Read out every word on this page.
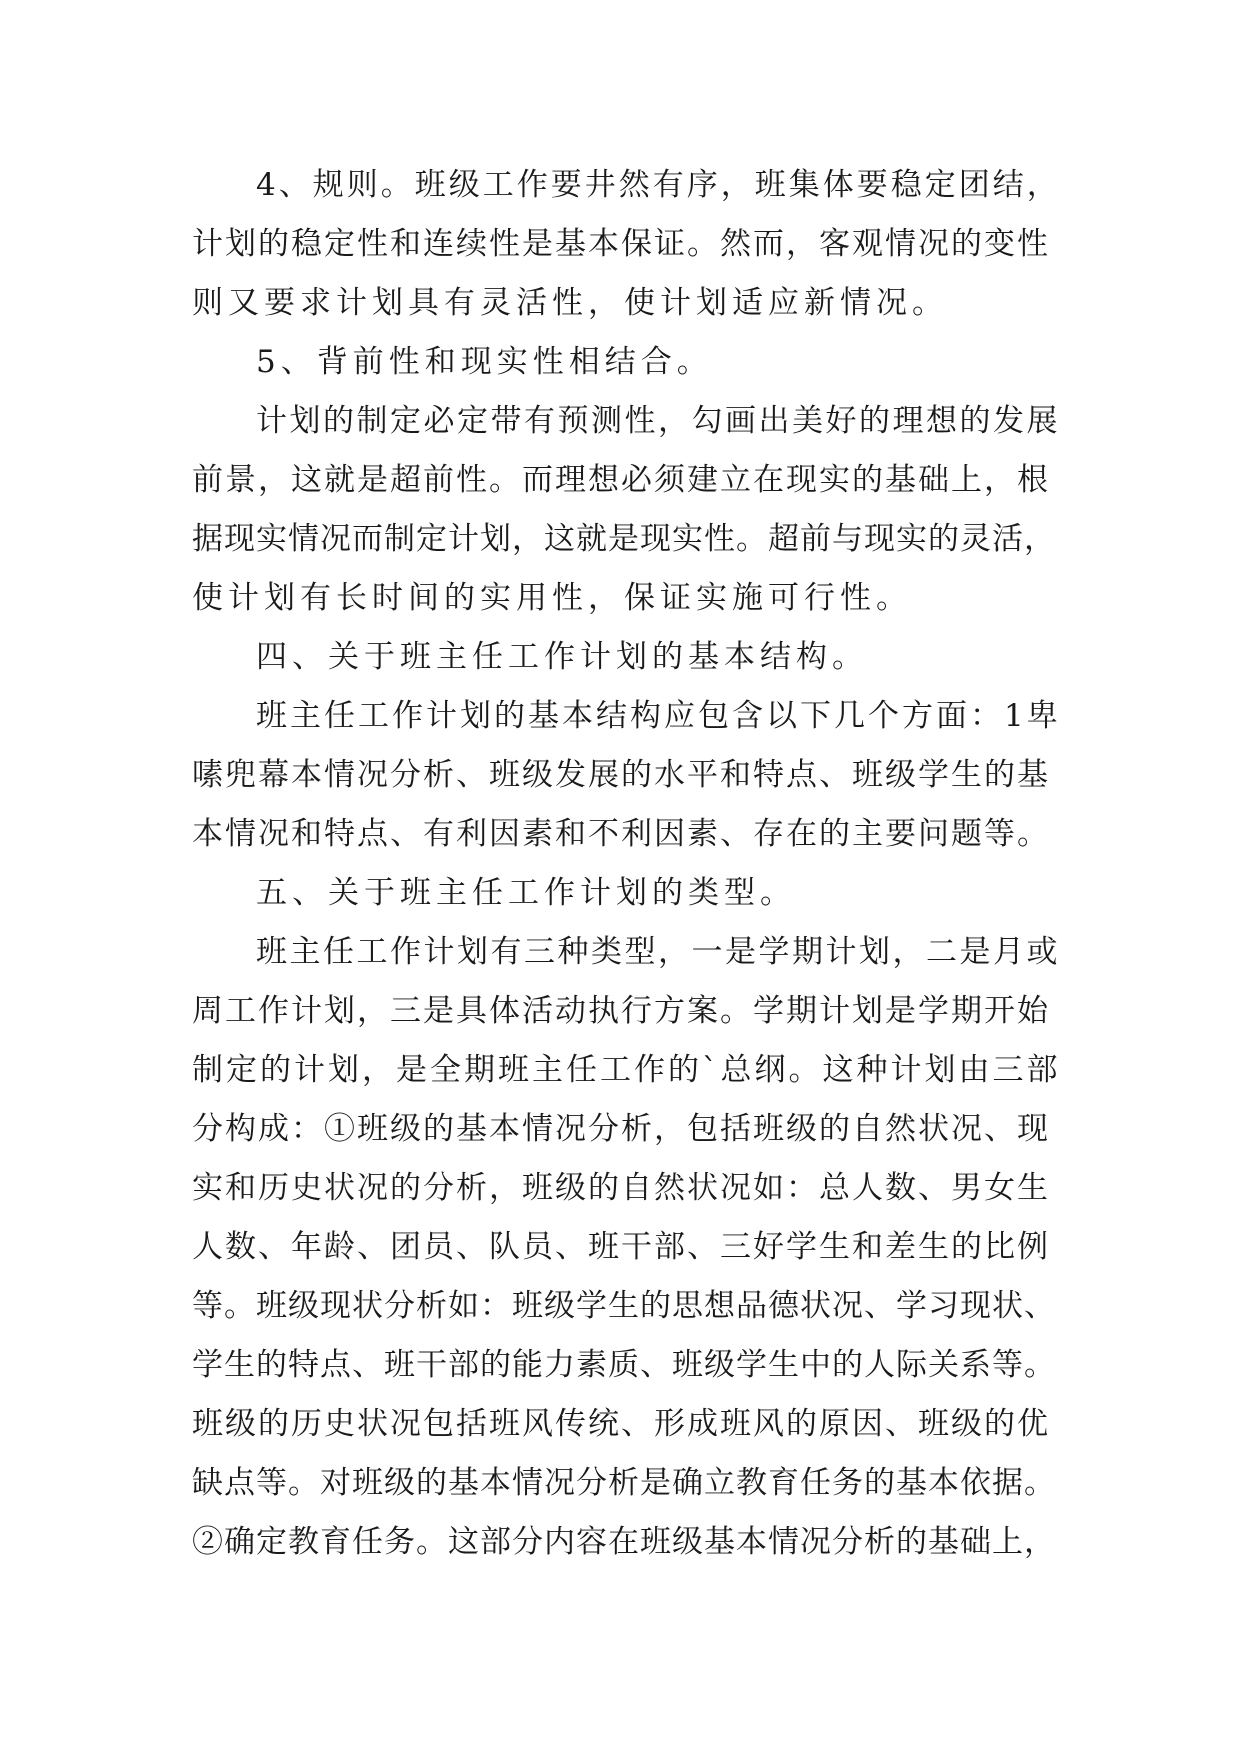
4、规则。班级工作要井然有序，班集体要稳定团结，
计划的稳定性和连续性是基本保证。然而，客观情况的变性
则又要求计划具有灵活性，使计划适应新情况。
5、背前性和现实性相结合。
计划的制定必定带有预测性，勾画出美好的理想的发展
前景，这就是超前性。而理想必须建立在现实的基础上，根
据现实情况而制定计划，这就是现实性。超前与现实的灵活，
使计划有长时间的实用性，保证实施可行性。
四、关于班主任工作计划的基本结构。
班主任工作计划的基本结构应包含以下几个方面：1卑
嗉兜幕本情况分析、班级发展的水平和特点、班级学生的基
本情况和特点、有利因素和不利因素、存在的主要问题等。
五、关于班主任工作计划的类型。
班主任工作计划有三种类型，一是学期计划，二是月或
周工作计划，三是具体活动执行方案。学期计划是学期开始
制定的计划，是全期班主任工作的`总纲。这种计划由三部
分构成：①班级的基本情况分析，包括班级的自然状况、现
实和历史状况的分析，班级的自然状况如：总人数、男女生
人数、年龄、团员、队员、班干部、三好学生和差生的比例
等。班级现状分析如：班级学生的思想品德状况、学习现状、
学生的特点、班干部的能力素质、班级学生中的人际关系等。
班级的历史状况包括班风传统、形成班风的原因、班级的优
缺点等。对班级的基本情况分析是确立教育任务的基本依据。
②确定教育任务。这部分内容在班级基本情况分析的基础上，
